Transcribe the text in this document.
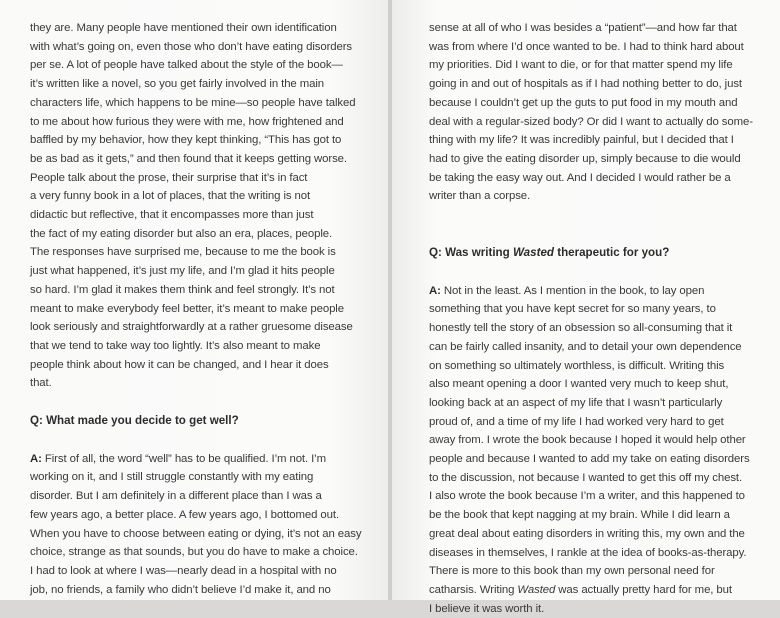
they are. Many people have mentioned their own identification
with what’s going on, even those who don’t have eating disorders
per se. A lot of people have talked about the style of the book—
it’s written like a novel, so you get fairly involved in the main
characters life, which happens to be mine—so people have talked
to me about how furious they were with me, how frightened and
baffled by my behavior, how they kept thinking, “This has got to
be as bad as it gets,” and then found that it keeps getting worse.
People talk about the prose, their surprise that it’s in fact
a very funny book in a lot of places, that the writing is not
didactic but reflective, that it encompasses more than just
the fact of my eating disorder but also an era, places, people.
The responses have surprised me, because to me the book is
just what happened, it’s just my life, and I’m glad it hits people
so hard. I’m glad it makes them think and feel strongly. It’s not
meant to make everybody feel better, it’s meant to make people
look seriously and straightforwardly at a rather gruesome disease
that we tend to take way too lightly. It’s also meant to make
people think about how it can be changed, and I hear it does
that.
Q: What made you decide to get well?
A: First of all, the word “well” has to be qualified. I’m not. I’m
working on it, and I still struggle constantly with my eating
disorder. But I am definitely in a different place than I was a
few years ago, a better place. A few years ago, I bottomed out.
When you have to choose between eating or dying, it’s not an easy
choice, strange as that sounds, but you do have to make a choice.
I had to look at where I was—nearly dead in a hospital with no
job, no friends, a family who didn’t believe I’d make it, and no
sense at all of who I was besides a “patient”—and how far that
was from where I’d once wanted to be. I had to think hard about
my priorities. Did I want to die, or for that matter spend my life
going in and out of hospitals as if I had nothing better to do, just
because I couldn’t get up the guts to put food in my mouth and
deal with a regular-sized body? Or did I want to actually do some-
thing with my life? It was incredibly painful, but I decided that I
had to give the eating disorder up, simply because to die would
be taking the easy way out. And I decided I would rather be a
writer than a corpse.
Q: Was writing Wasted therapeutic for you?
A: Not in the least. As I mention in the book, to lay open
something that you have kept secret for so many years, to
honestly tell the story of an obsession so all-consuming that it
can be fairly called insanity, and to detail your own dependence
on something so ultimately worthless, is difficult. Writing this
also meant opening a door I wanted very much to keep shut,
looking back at an aspect of my life that I wasn’t particularly
proud of, and a time of my life I had worked very hard to get
away from. I wrote the book because I hoped it would help other
people and because I wanted to add my take on eating disorders
to the discussion, not because I wanted to get this off my chest.
I also wrote the book because I’m a writer, and this happened to
be the book that kept nagging at my brain. While I did learn a
great deal about eating disorders in writing this, my own and the
diseases in themselves, I rankle at the idea of books-as-therapy.
There is more to this book than my own personal need for
catharsis. Writing Wasted was actually pretty hard for me, but
I believe it was worth it.
